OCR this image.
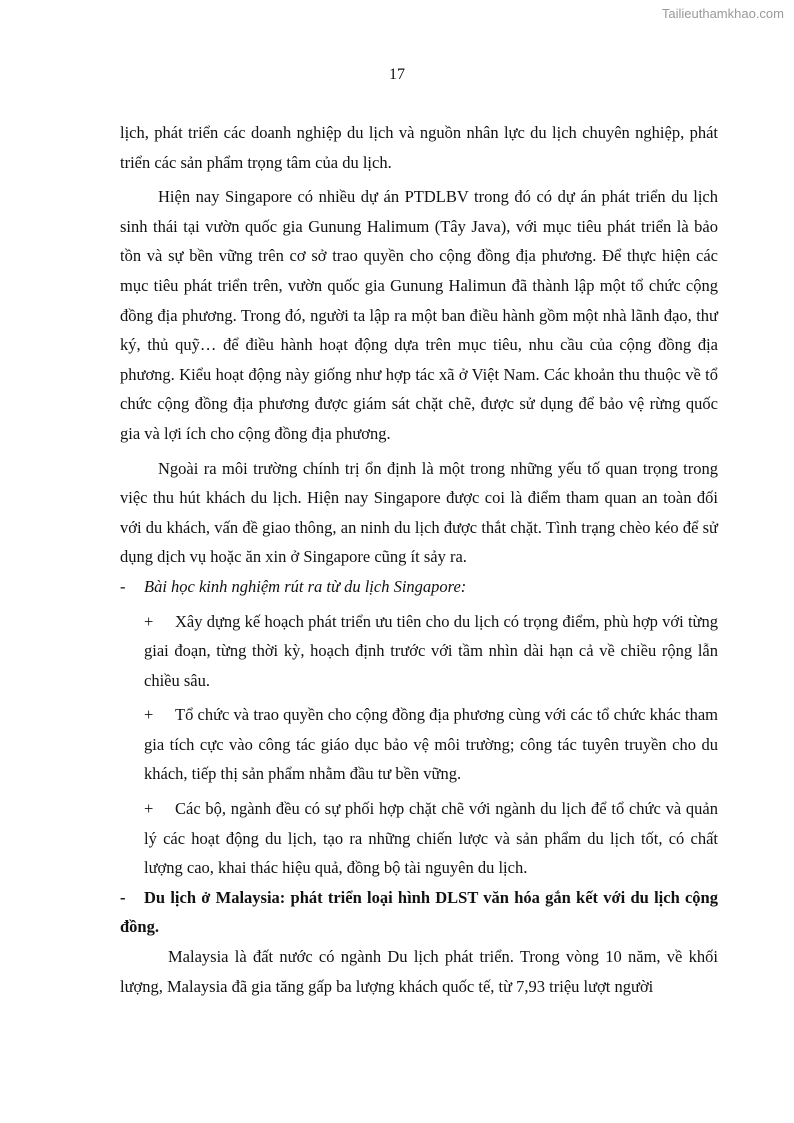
Tailieuthamkhao.com
17

lịch, phát triển các doanh nghiệp du lịch và nguồn nhân lực du lịch chuyên nghiệp, phát triển các sản phẩm trọng tâm của du lịch.

Hiện nay Singapore có nhiều dự án PTDLBV trong đó có dự án phát triển du lịch sinh thái tại vườn quốc gia Gunung Halimum (Tây Java), với mục tiêu phát triển là bảo tồn và sự bền vững trên cơ sở trao quyền cho cộng đồng địa phương. Để thực hiện các mục tiêu phát triển trên, vườn quốc gia Gunung Halimun đã thành lập một tổ chức cộng đồng địa phương. Trong đó, người ta lập ra một ban điều hành gồm một nhà lãnh đạo, thư ký, thủ quỹ… để điều hành hoạt động dựa trên mục tiêu, nhu cầu của cộng đồng địa phương. Kiểu hoạt động này giống như hợp tác xã ở Việt Nam. Các khoản thu thuộc về tổ chức cộng đồng địa phương được giám sát chặt chẽ, được sử dụng để bảo vệ rừng quốc gia và lợi ích cho cộng đồng địa phương.

Ngoài ra môi trường chính trị ổn định là một trong những yếu tố quan trọng trong việc thu hút khách du lịch. Hiện nay Singapore được coi là điểm tham quan an toàn đối với du khách, vấn đề giao thông, an ninh du lịch được thắt chặt. Tình trạng chèo kéo để sử dụng dịch vụ hoặc ăn xin ở Singapore cũng ít sảy ra.

- Bài học kinh nghiệm rút ra từ du lịch Singapore:

+ Xây dựng kế hoạch phát triển ưu tiên cho du lịch có trọng điểm, phù hợp với từng giai đoạn, từng thời kỳ, hoạch định trước với tầm nhìn dài hạn cả về chiều rộng lẫn chiều sâu.

+ Tổ chức và trao quyền cho cộng đồng địa phương cùng với các tổ chức khác tham gia tích cực vào công tác giáo dục bảo vệ môi trường; công tác tuyên truyền cho du khách, tiếp thị sản phẩm nhằm đầu tư bền vững.

+ Các bộ, ngành đều có sự phối hợp chặt chẽ với ngành du lịch để tổ chức và quản lý các hoạt động du lịch, tạo ra những chiến lược và sản phẩm du lịch tốt, có chất lượng cao, khai thác hiệu quả, đồng bộ tài nguyên du lịch.

- Du lịch ở Malaysia: phát triển loại hình DLST văn hóa gắn kết với du lịch cộng đồng.

Malaysia là đất nước có ngành Du lịch phát triển. Trong vòng 10 năm, về khối lượng, Malaysia đã gia tăng gấp ba lượng khách quốc tế, từ 7,93 triệu lượt người
